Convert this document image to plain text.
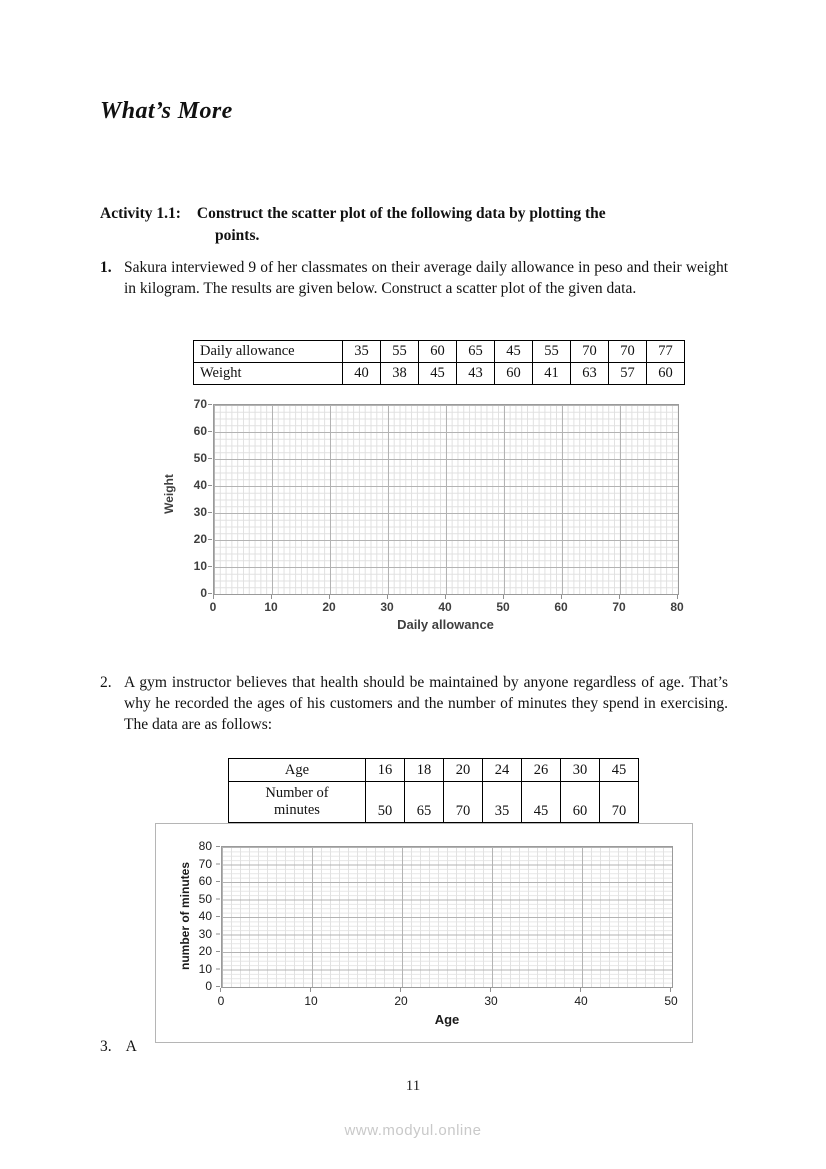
What’s More
Activity 1.1: Construct the scatter plot of the following data by plotting the
points.
1. Sakura interviewed 9 of her classmates on their average daily allowance in peso and their weight in kilogram. The results are given below. Construct a scatter plot of the given data.
Daily allowance	35	55	60	65	45	55	70	70	77
Weight	40	38	45	43	60	41	63	57	60
Weight
70
60
50
40
30
20
10
0
0	10	20	30	40	50	60	70	80
Daily allowance
2. A gym instructor believes that health should be maintained by anyone regardless of age. That’s why he recorded the ages of his customers and the number of minutes they spend in exercising. The data are as follows:
Age	16	18	20	24	26	30	45

Number of
minutes	50	65	70	35	45	60	70
number of minutes
80
70
60
50
40
30
20
10
0
0	10	20	30	40	50
Age
3. A
11
www.modyul.online
